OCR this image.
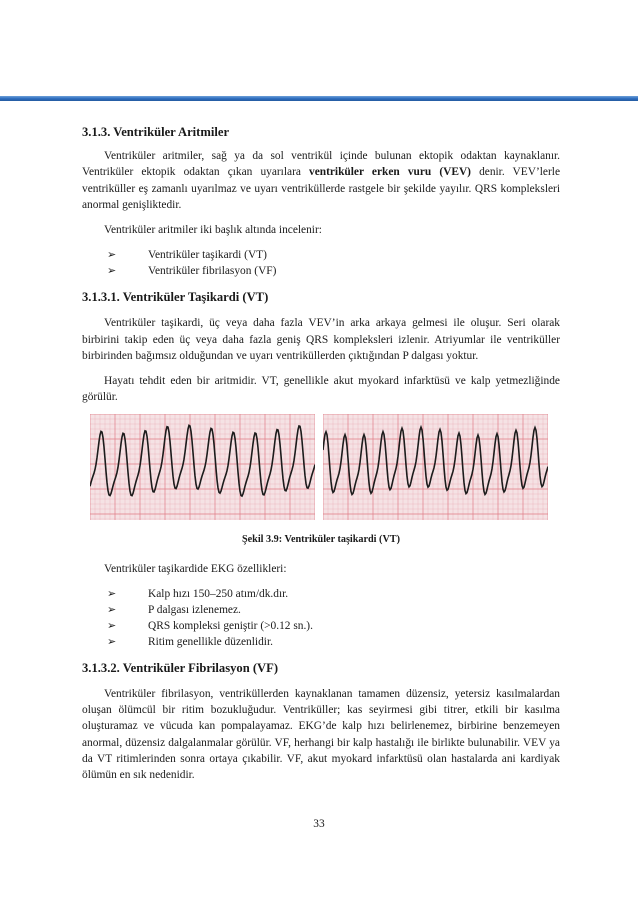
3.1.3. Ventriküler Aritmiler

Ventriküler aritmiler, sağ ya da sol ventrikül içinde bulunan ektopik odaktan kaynaklanır. Ventriküler ektopik odaktan çıkan uyarılara ventriküler erken vuru (VEV) denir. VEV’lerle ventriküller eş zamanlı uyarılmaz ve uyarı ventriküllerde rastgele bir şekilde yayılır. QRS kompleksleri anormal genişliktedir.

Ventriküler aritmiler iki başlık altında incelenir:

➢	Ventriküler taşikardi (VT)
➢	Ventriküler fibrilasyon (VF)
3.1.3.1. Ventriküler Taşikardi (VT)

Ventriküler taşikardi, üç veya daha fazla VEV’in arka arkaya gelmesi ile oluşur. Seri olarak birbirini takip eden üç veya daha fazla geniş QRS kompleksleri izlenir. Atriyumlar ile ventriküller birbirinden bağımsız olduğundan ve uyarı ventriküllerden çıktığından P dalgası yoktur.

Hayatı tehdit eden bir aritmidir. VT, genellikle akut myokard infarktüsü ve kalp yetmezliğinde görülür.

Şekil 3.9: Ventriküler taşikardi (VT)

Ventriküler taşikardide EKG özellikleri:

➢	Kalp hızı 150–250 atım/dk.dır.
➢	P dalgası izlenemez.
➢	QRS kompleksi geniştir (>0.12 sn.).
➢	Ritim genellikle düzenlidir.
3.1.3.2. Ventriküler Fibrilasyon (VF)

Ventriküler fibrilasyon, ventriküllerden kaynaklanan tamamen düzensiz, yetersiz kasılmalardan oluşan ölümcül bir ritim bozukluğudur. Ventriküller; kas seyirmesi gibi titrer, etkili bir kasılma oluşturamaz ve vücuda kan pompalayamaz. EKG’de kalp hızı belirlenemez, birbirine benzemeyen anormal, düzensiz dalgalanmalar görülür. VF, herhangi bir kalp hastalığı ile birlikte bulunabilir. VEV ya da VT ritimlerinden sonra ortaya çıkabilir. VF, akut myokard infarktüsü olan hastalarda ani kardiyak ölümün en sık nedenidir.

33
